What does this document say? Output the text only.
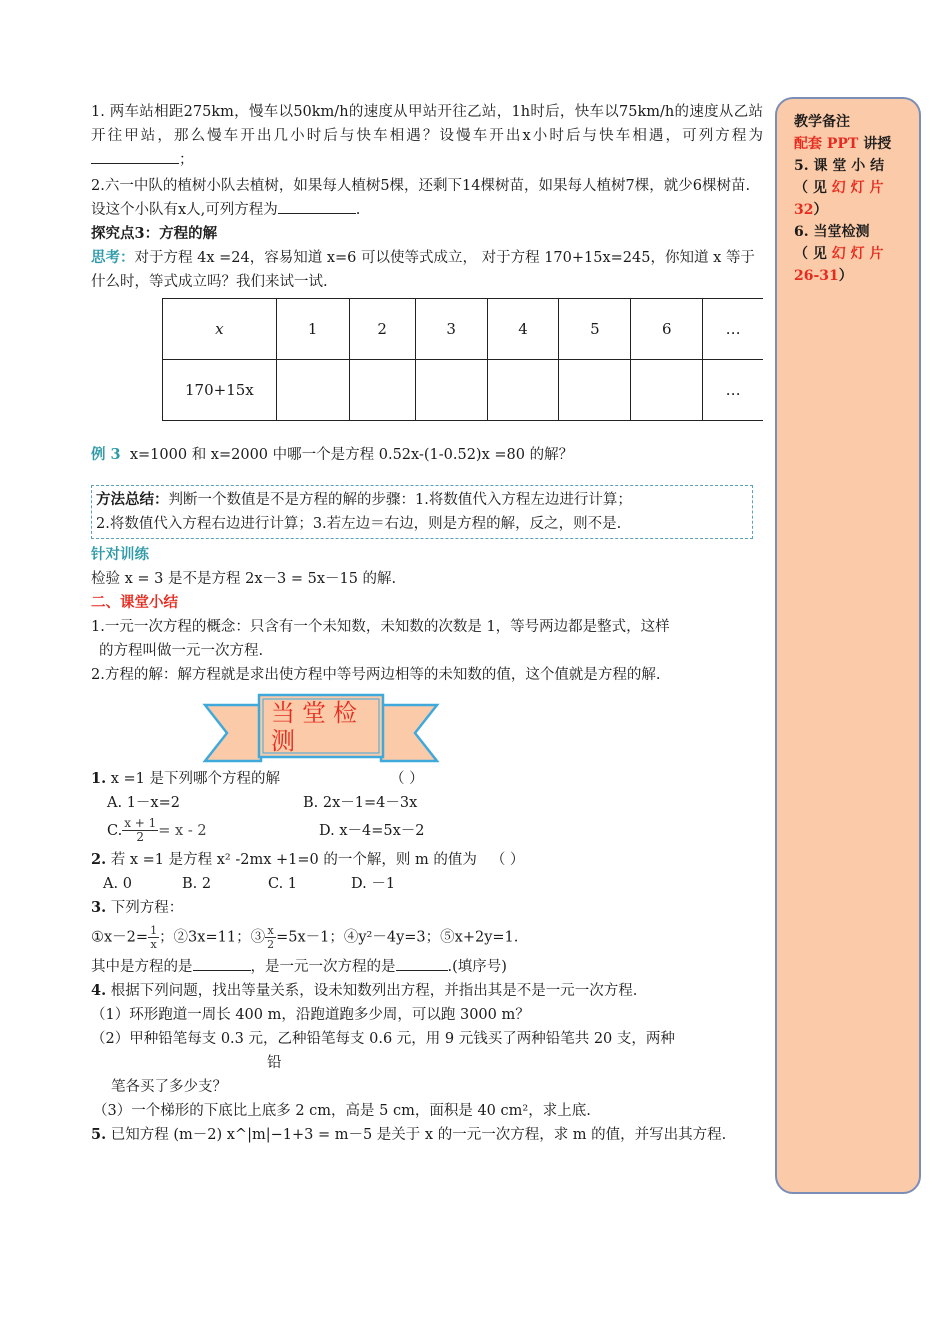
1. 两车站相距275km，慢车以50km/h的速度从甲站开往乙站，1h时后，快车以75km/h的速度从乙站开往甲站，那么慢车开出几小时后与快车相遇？设慢车开出x小时后与快车相遇，可列方程为；

2.六一中队的植树小队去植树，如果每人植树5棵，还剩下14棵树苗，如果每人植树7棵，就少6棵树苗.设这个小队有x人,可列方程为	.

探究点3：方程的解

思考：对于方程 4x =24，容易知道 x=6 可以使等式成立， 对于方程 170+15x=245，你知道 x 等于什么时，等式成立吗？我们来试一试.

x	1	2	3	4	5	6	…
170+15x							…

例 3 x=1000 和 x=2000 中哪一个是方程 0.52x-(1-0.52)x =80 的解？

方法总结：判断一个数值是不是方程的解的步骤：1.将数值代入方程左边进行计算；
2.将数值代入方程右边进行计算；3.若左边＝右边，则是方程的解，反之，则不是.

针对训练

检验 x = 3 是不是方程 2x－3 = 5x－15 的解.

二、课堂小结

1.一元一次方程的概念：只含有一个未知数，未知数的次数是 1，等号两边都是整式，这样

的方程叫做一元一次方程.

2.方程的解：解方程就是求出使方程中等号两边相等的未知数的值，这个值就是方程的解.

当堂检测

1. x =1 是下列哪个方程的解	（ ）

A. 1－x=2	B. 2x－1=4－3x

C. $\frac{x + 1}{2} = x - 2$	D. x－4=5x－2

2. 若 x =1 是方程 x² -2mx +1=0 的一个解，则 m 的值为 （ ）

A. 0	B. 2	C. 1	D. －1

3. 下列方程：

①x－2= $\frac{1}{x}$ ；②3x=11；③ $\frac{x}{2} =5x-1$；④y²－4y=3；⑤x+2y=1.

其中是方程的是	，是一元一次方程的是	.(填序号)

4. 根据下列问题，找出等量关系，设未知数列出方程，并指出其是不是一元一次方程.

（1）环形跑道一周长 400 m，沿跑道跑多少周，可以跑 3000 m？

（2）甲种铅笔每支 0.3 元，乙种铅笔每支 0.6 元，用 9 元钱买了两种铅笔共 20 支，两种

铅

笔各买了多少支？

（3）一个梯形的下底比上底多 2 cm，高是 5 cm，面积是 40 cm²，求上底.

5. 已知方程 (m－2) x^|m|−1+3 = m－5 是关于 x 的一元一次方程，求 m 的值，并写出其方程.

教学备注
配套 PPT 讲授
5. 课 堂 小 结
（ 见 幻 灯 片
32）
6. 当堂检测
（ 见 幻 灯 片
26-31）
